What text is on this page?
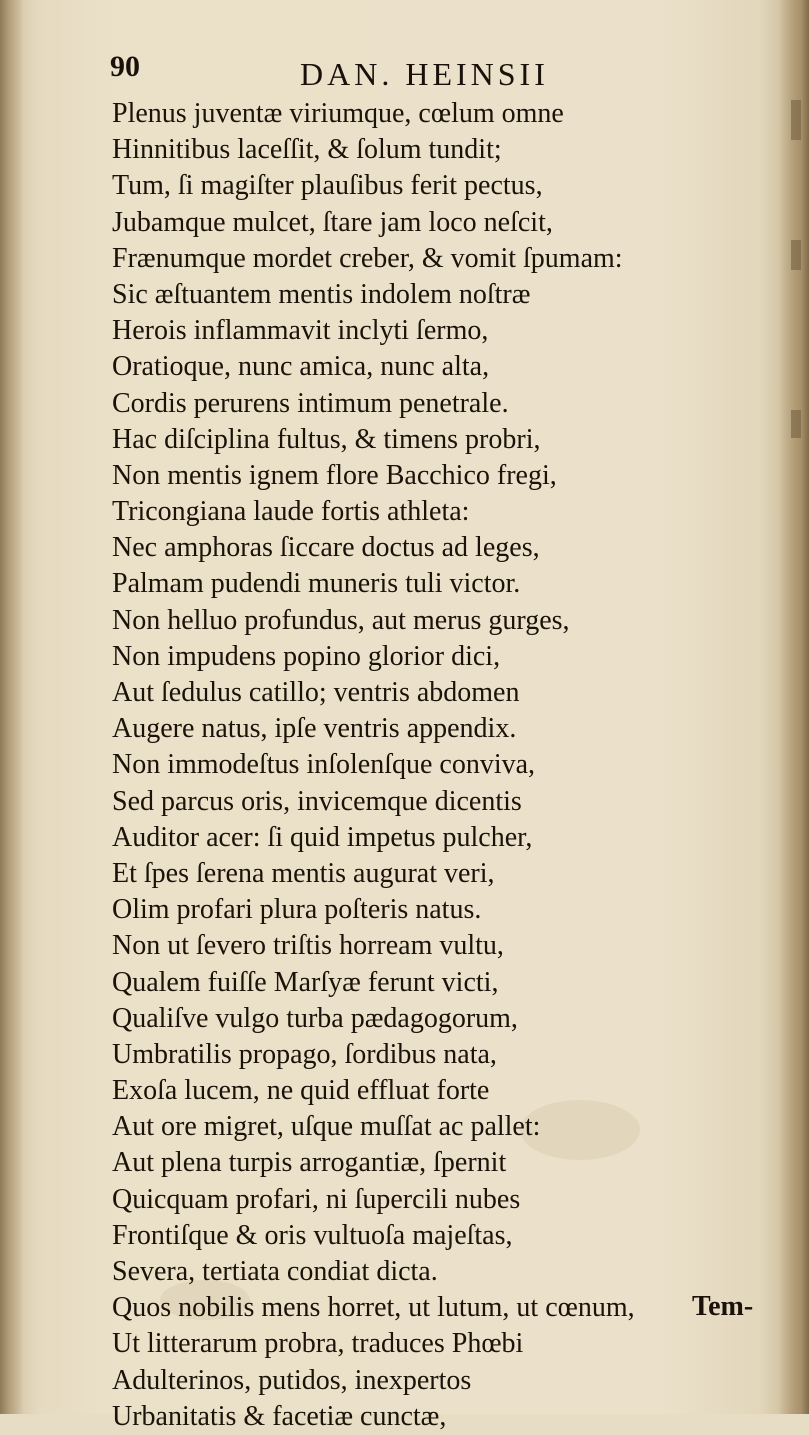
90	DAN. HEINSII
Plenus juventæ viriumque, cœlum omne
Hinnitibus laceſſit, & ſolum tundit;
Tum, ſi magiſter plauſibus ferit pectus,
Jubamque mulcet, ſtare jam loco neſcit,
Frænumque mordet creber, & vomit ſpumam:
Sic æſtuantem mentis indolem noſtræ
Herois inflammavit inclyti ſermo,
Oratioque, nunc amica, nunc alta,
Cordis perurens intimum penetrale.
Hac diſciplina fultus, & timens probri,
Non mentis ignem flore Bacchico fregi,
Tricongiana laude fortis athleta:
Nec amphoras ſiccare doctus ad leges,
Palmam pudendi muneris tuli victor.
Non helluo profundus, aut merus gurges,
Non impudens popino glorior dici,
Aut ſedulus catillo; ventris abdomen
Augere natus, ipſe ventris appendix.
Non immodeſtus inſolenſque conviva,
Sed parcus oris, invicemque dicentis
Auditor acer: ſi quid impetus pulcher,
Et ſpes ſerena mentis augurat veri,
Olim profari plura poſteris natus.
Non ut ſevero triſtis horream vultu,
Qualem fuiſſe Marſyæ ferunt victi,
Qualiſve vulgo turba pædagogorum,
Umbratilis propago, ſordibus nata,
Exoſa lucem, ne quid effluat forte
Aut ore migret, uſque muſſat ac pallet:
Aut plena turpis arrogantiæ, ſpernit
Quicquam profari, ni ſupercili nubes
Frontiſque & oris vultuoſa majeſtas,
Severa, tertiata condiat dicta.
Quos nobilis mens horret, ut lutum, ut cœnum,
Ut litterarum probra, traduces Phœbi
Adulterinos, putidos, inexpertos
Urbanitatis & facetiæ cunctæ,
Tem-
